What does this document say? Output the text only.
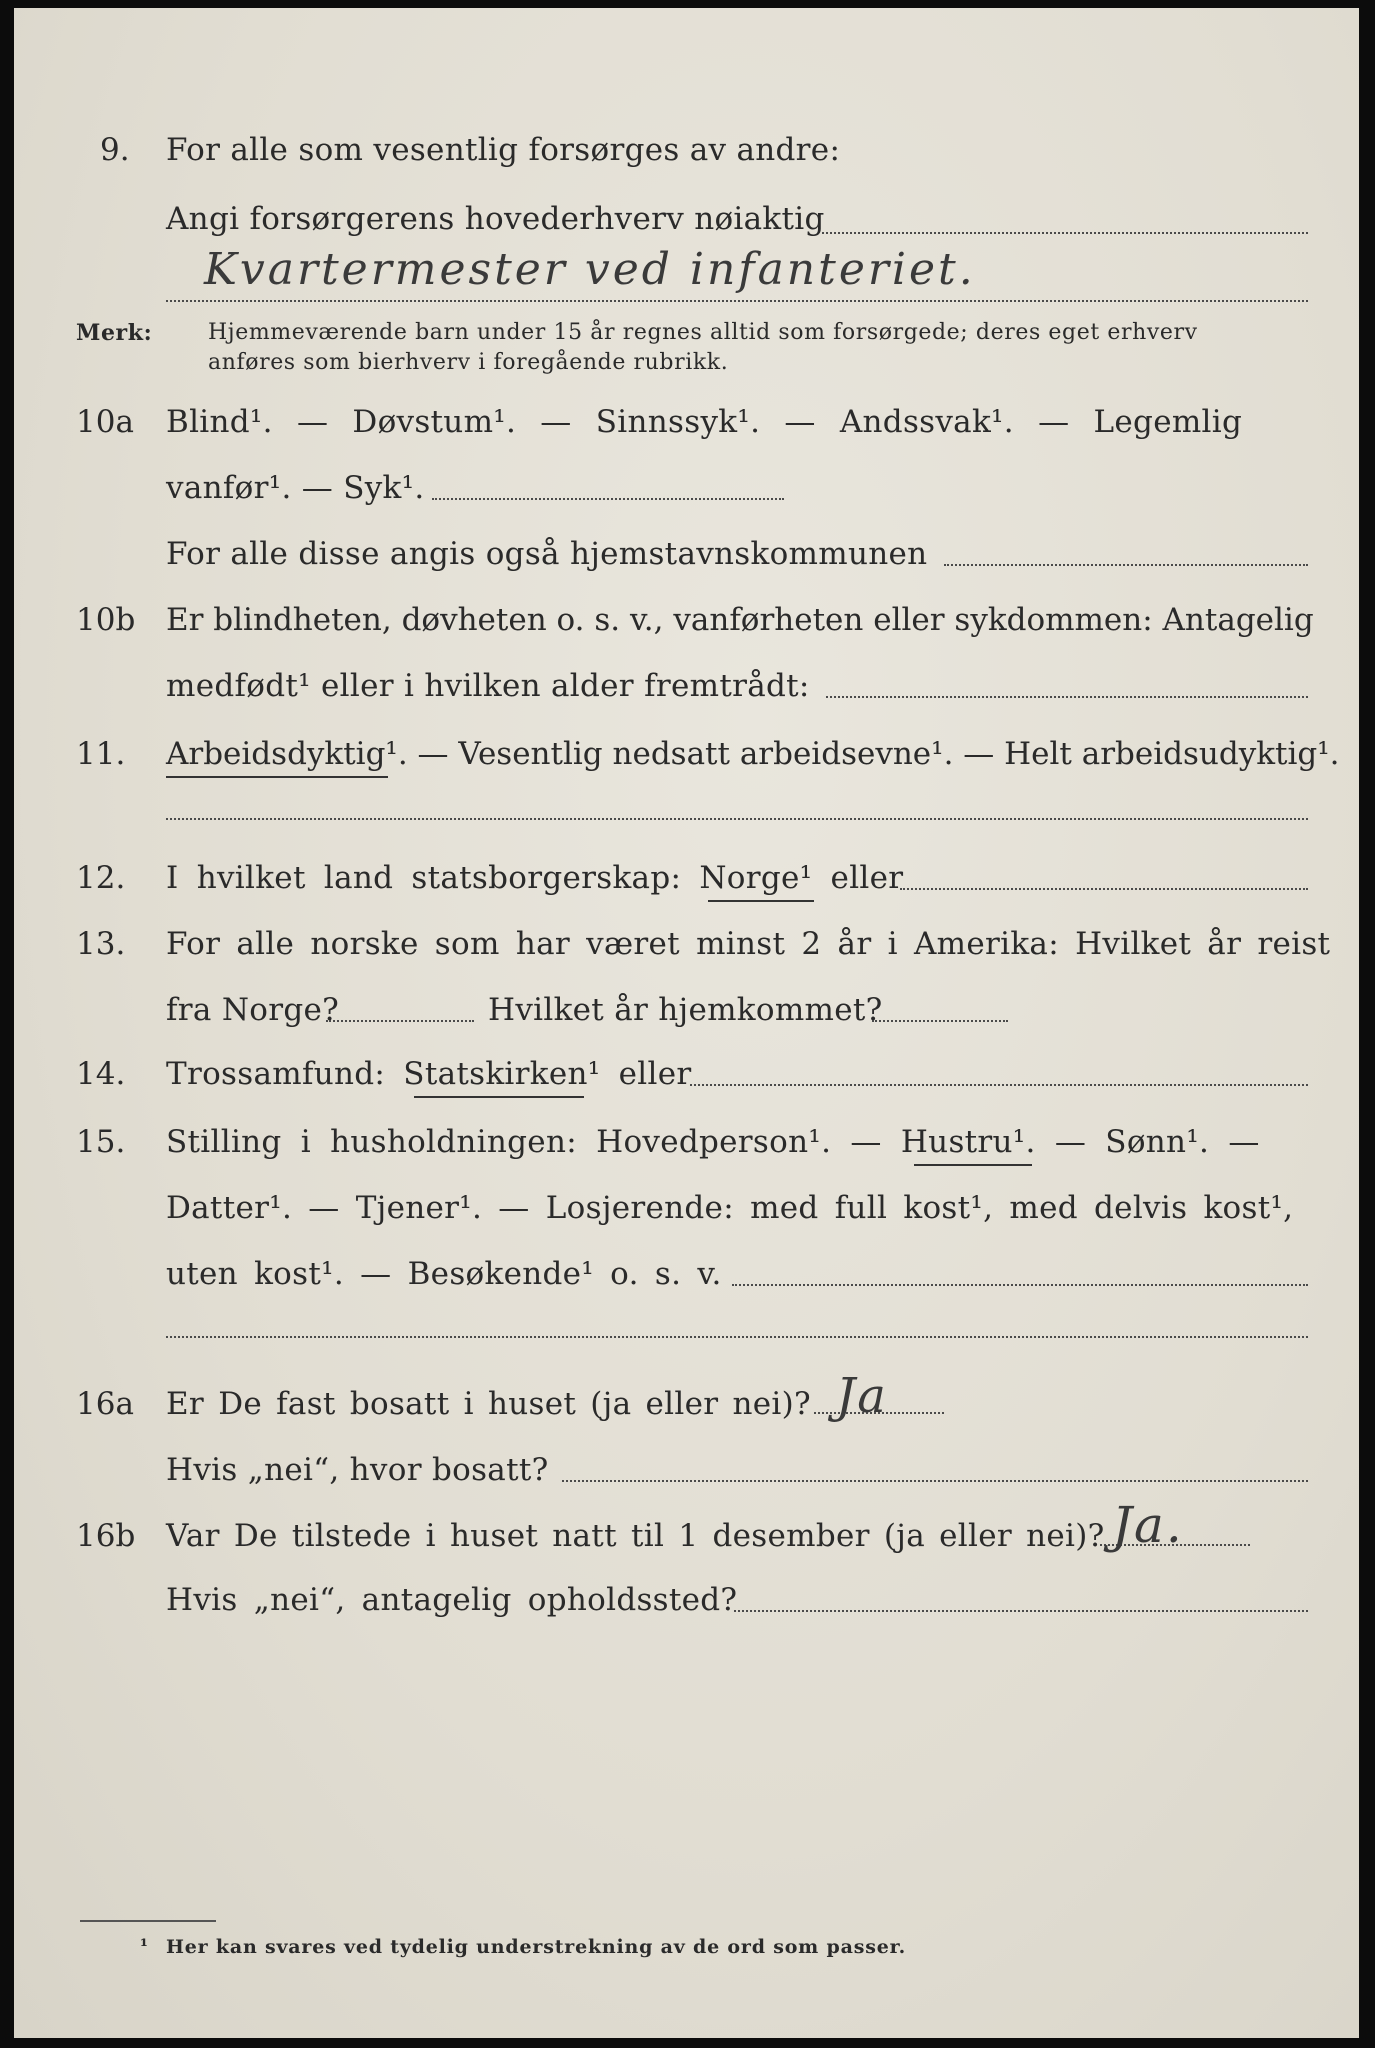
9. For alle som vesentlig forsørges av andre:
Angi forsørgerens hovederhverv nøiaktig
Kvartermester ved infanteriet.
Merk:	Hjemmeværende barn under 15 år regnes alltid som forsørgede; deres eget erhverv
anføres som bierhverv i foregående rubrikk.
10a Blind¹. — Døvstum¹. — Sinnssyk¹. — Andssvak¹. — Legemlig
vanfør¹. — Syk¹.
For alle disse angis også hjemstavnskommunen
10b Er blindheten, døvheten o. s. v., vanførheten eller sykdommen: Antagelig
medfødt¹ eller i hvilken alder fremtrådt:
11. Arbeidsdyktig¹. — Vesentlig nedsatt arbeidsevne¹. — Helt arbeidsudyktig¹.
12. I hvilket land statsborgerskap: Norge¹ eller
13. For alle norske som har været minst 2 år i Amerika: Hvilket år reist
fra Norge?	Hvilket år hjemkommet?
14. Trossamfund: Statskirken¹ eller
15. Stilling i husholdningen: Hovedperson¹. — Hustru¹. — Sønn¹. —
Datter¹. — Tjener¹. — Losjerende: med full kost¹, med delvis kost¹,
uten kost¹. — Besøkende¹ o. s. v.
16a Er De fast bosatt i huset (ja eller nei)? Ja
Hvis „nei“, hvor bosatt?
16b Var De tilstede i huset natt til 1 desember (ja eller nei)? Ja.
Hvis „nei“, antagelig opholdssted?
¹ Her kan svares ved tydelig understrekning av de ord som passer.
